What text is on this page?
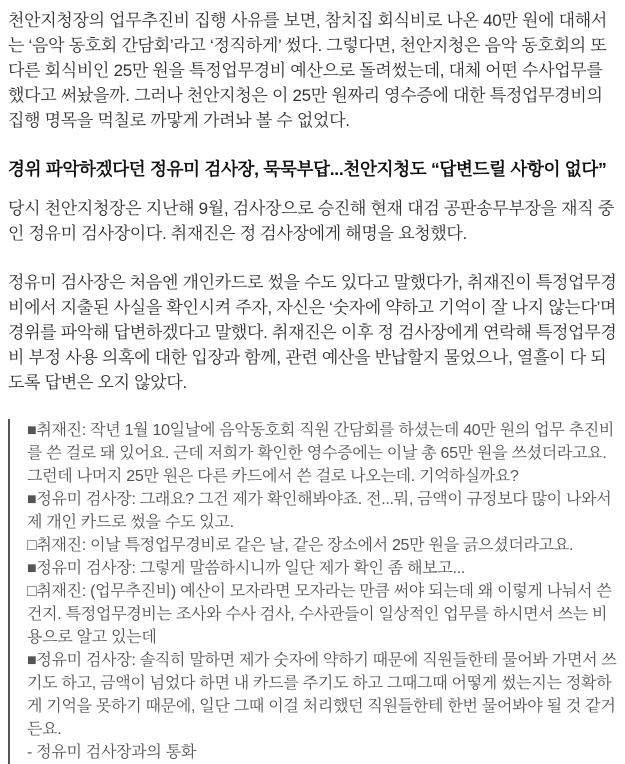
천안지청장의 업무추진비 집행 사유를 보면, 참치집 회식비로 나온 40만 원에 대해서는 ‘음악 동호회 간담회’라고 ‘정직하게’ 썼다. 그렇다면, 천안지청은 음악 동호회의 또 다른 회식비인 25만 원을 특정업무경비 예산으로 돌려썼는데, 대체 어떤 수사업무를 했다고 써놨을까. 그러나 천안지청은 이 25만 원짜리 영수증에 대한 특정업무경비의 집행 명목을 먹칠로 까맣게 가려놔 볼 수 없었다.

경위 파악하겠다던 정유미 검사장, 묵묵부답...천안지청도 “답변드릴 사항이 없다”

당시 천안지청장은 지난해 9월, 검사장으로 승진해 현재 대검 공판송무부장을 재직 중인 정유미 검사장이다. 취재진은 정 검사장에게 해명을 요청했다.

정유미 검사장은 처음엔 개인카드로 썼을 수도 있다고 말했다가, 취재진이 특정업무경비에서 지출된 사실을 확인시켜 주자, 자신은 ‘숫자에 약하고 기억이 잘 나지 않는다’며 경위를 파악해 답변하겠다고 말했다. 취재진은 이후 정 검사장에게 연락해 특정업무경비 부정 사용 의혹에 대한 입장과 함께, 관련 예산을 반납할지 물었으나, 열흘이 다 되도록 답변은 오지 않았다.

■취재진: 작년 1월 10일날에 음악동호회 직원 간담회를 하셨는데 40만 원의 업무 추진비를 쓴 걸로 돼 있어요. 근데 저희가 확인한 영수증에는 이날 총 65만 원을 쓰셨더라고요. 그런데 나머지 25만 원은 다른 카드에서 쓴 걸로 나오는데. 기억하실까요?
■정유미 검사장: 그래요? 그건 제가 확인해봐야죠. 전...뭐, 금액이 규정보다 많이 나와서 제 개인 카드로 썼을 수도 있고.
□취재진: 이날 특정업무경비로 같은 날, 같은 장소에서 25만 원을 긁으셨더라고요.
■정유미 검사장: 그렇게 말씀하시니까 일단 제가 확인 좀 해보고...
□취재진: (업무추진비) 예산이 모자라면 모자라는 만큼 써야 되는데 왜 이렇게 나눠서 쓴 건지. 특정업무경비는 조사와 수사 검사, 수사관들이 일상적인 업무를 하시면서 쓰는 비용으로 알고 있는데
■정유미 검사장: 솔직히 말하면 제가 숫자에 약하기 때문에 직원들한테 물어봐 가면서 쓰기도 하고, 금액이 넘었다 하면 내 카드를 주기도 하고 그때그때 어떻게 썼는지는 정확하게 기억을 못하기 때문에, 일단 그때 이걸 처리했던 직원들한테 한번 물어봐야 될 것 같거든요.
- 정유미 검사장과의 통화
